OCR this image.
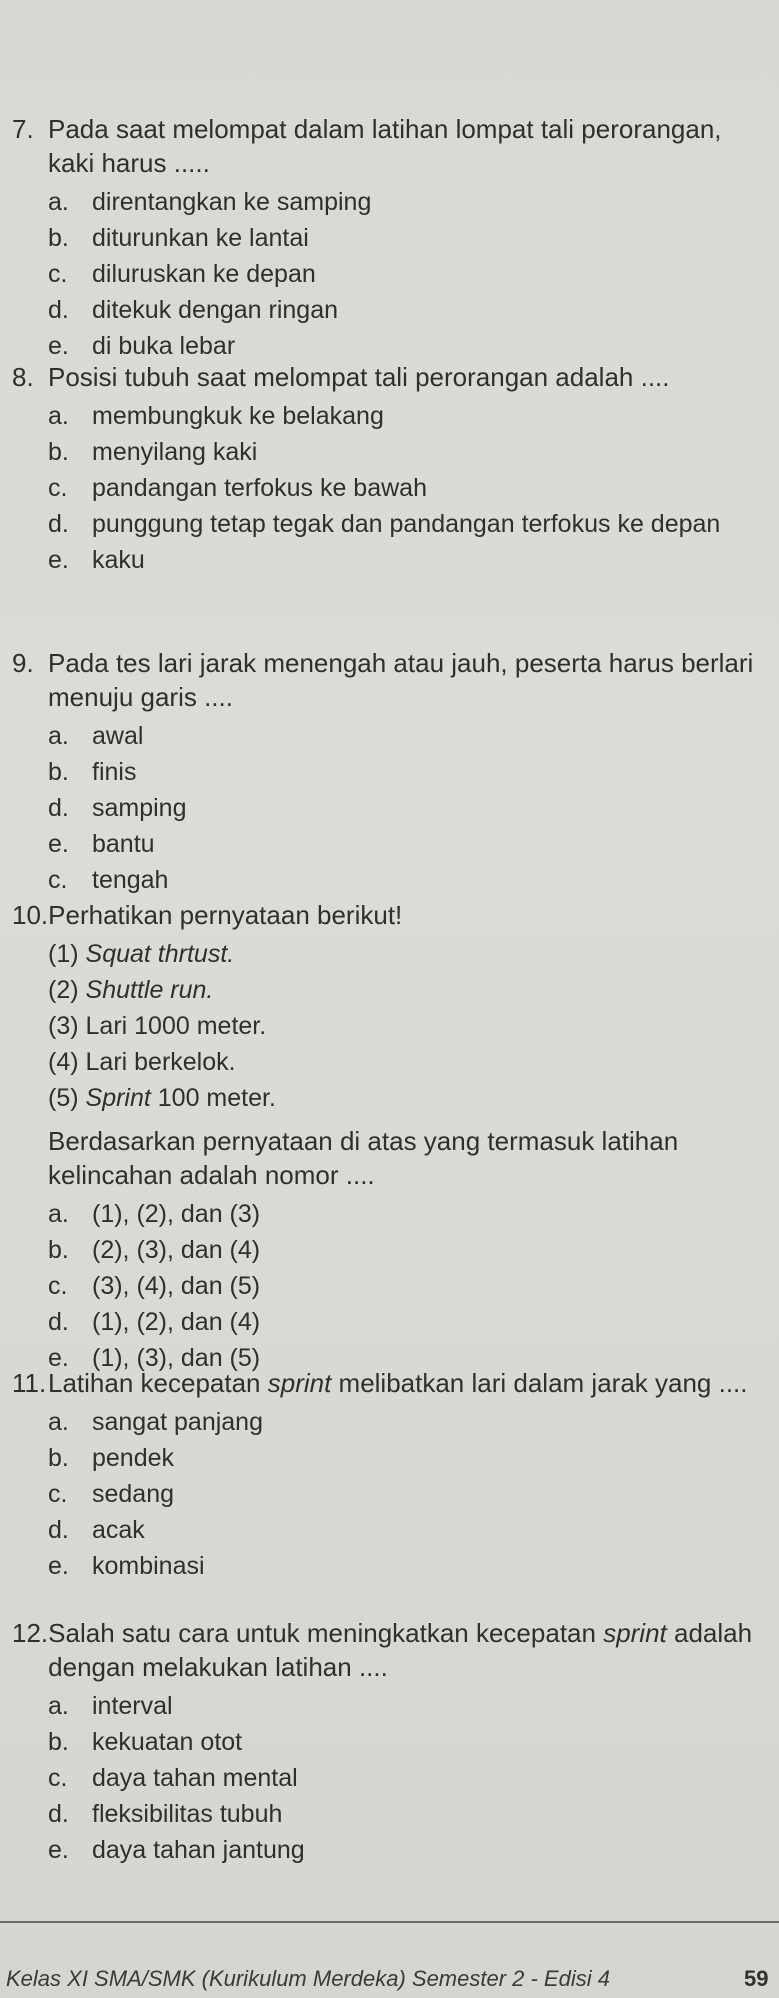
7. Pada saat melompat dalam latihan lompat tali perorangan, kaki harus .....
a. direntangkan ke samping
b. diturunkan ke lantai
c. diluruskan ke depan
d. ditekuk dengan ringan
e. di buka lebar
8. Posisi tubuh saat melompat tali perorangan adalah ....
a. membungkuk ke belakang
b. menyilang kaki
c. pandangan terfokus ke bawah
d. punggung tetap tegak dan pandangan terfokus ke depan
e. kaku
9. Pada tes lari jarak menengah atau jauh, peserta harus berlari menuju garis ....
a. awal
b. finis
d. samping
e. bantu
c. tengah
10. Perhatikan pernyataan berikut!
(1) Squat thrtust.
(2) Shuttle run.
(3) Lari 1000 meter.
(4) Lari berkelok.
(5) Sprint 100 meter.
Berdasarkan pernyataan di atas yang termasuk latihan kelincahan adalah nomor ....
a. (1), (2), dan (3)
b. (2), (3), dan (4)
c. (3), (4), dan (5)
d. (1), (2), dan (4)
e. (1), (3), dan (5)
11. Latihan kecepatan sprint melibatkan lari dalam jarak yang ....
a. sangat panjang
b. pendek
c. sedang
d. acak
e. kombinasi
12. Salah satu cara untuk meningkatkan kecepatan sprint adalah dengan melakukan latihan ....
a. interval
b. kekuatan otot
c. daya tahan mental
d. fleksibilitas tubuh
e. daya tahan jantung
Kelas XI SMA/SMK (Kurikulum Merdeka) Semester 2 - Edisi 4	59
